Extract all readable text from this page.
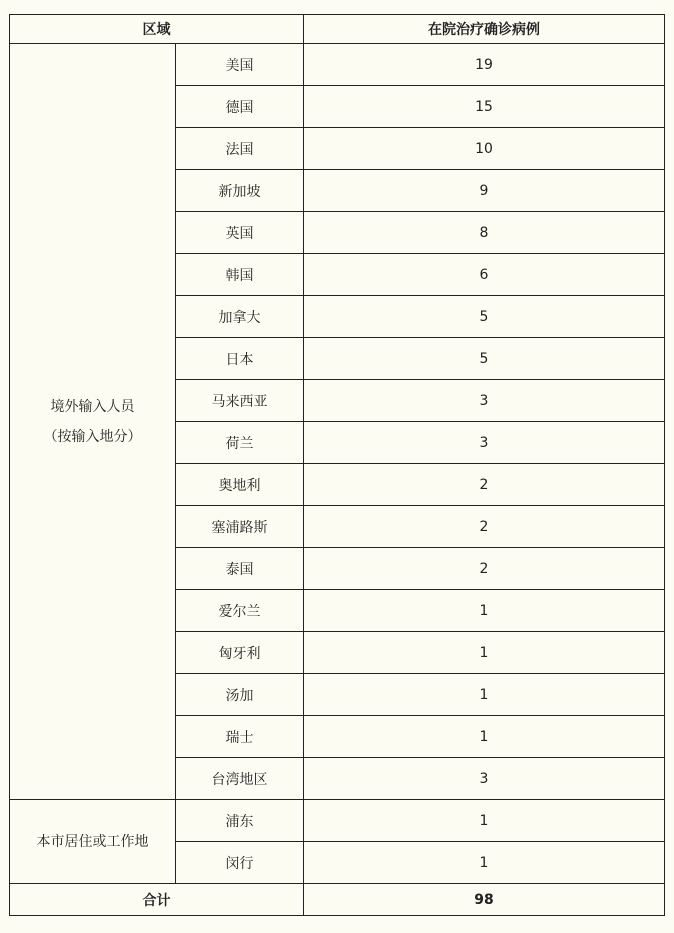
区域		在院治疗确诊病例

境外输入人员
（按输入地分）	美国	19
	德国	15
	法国	10
	新加坡	9
	英国	8
	韩国	6
	加拿大	5
	日本	5
	马来西亚	3
	荷兰	3
	奥地利	2
	塞浦路斯	2
	泰国	2
	爱尔兰	1
	匈牙利	1
	汤加	1
	瑞士	1
	台湾地区	3

本市居住或工作地	浦东	1
	闵行	1
合计		98
